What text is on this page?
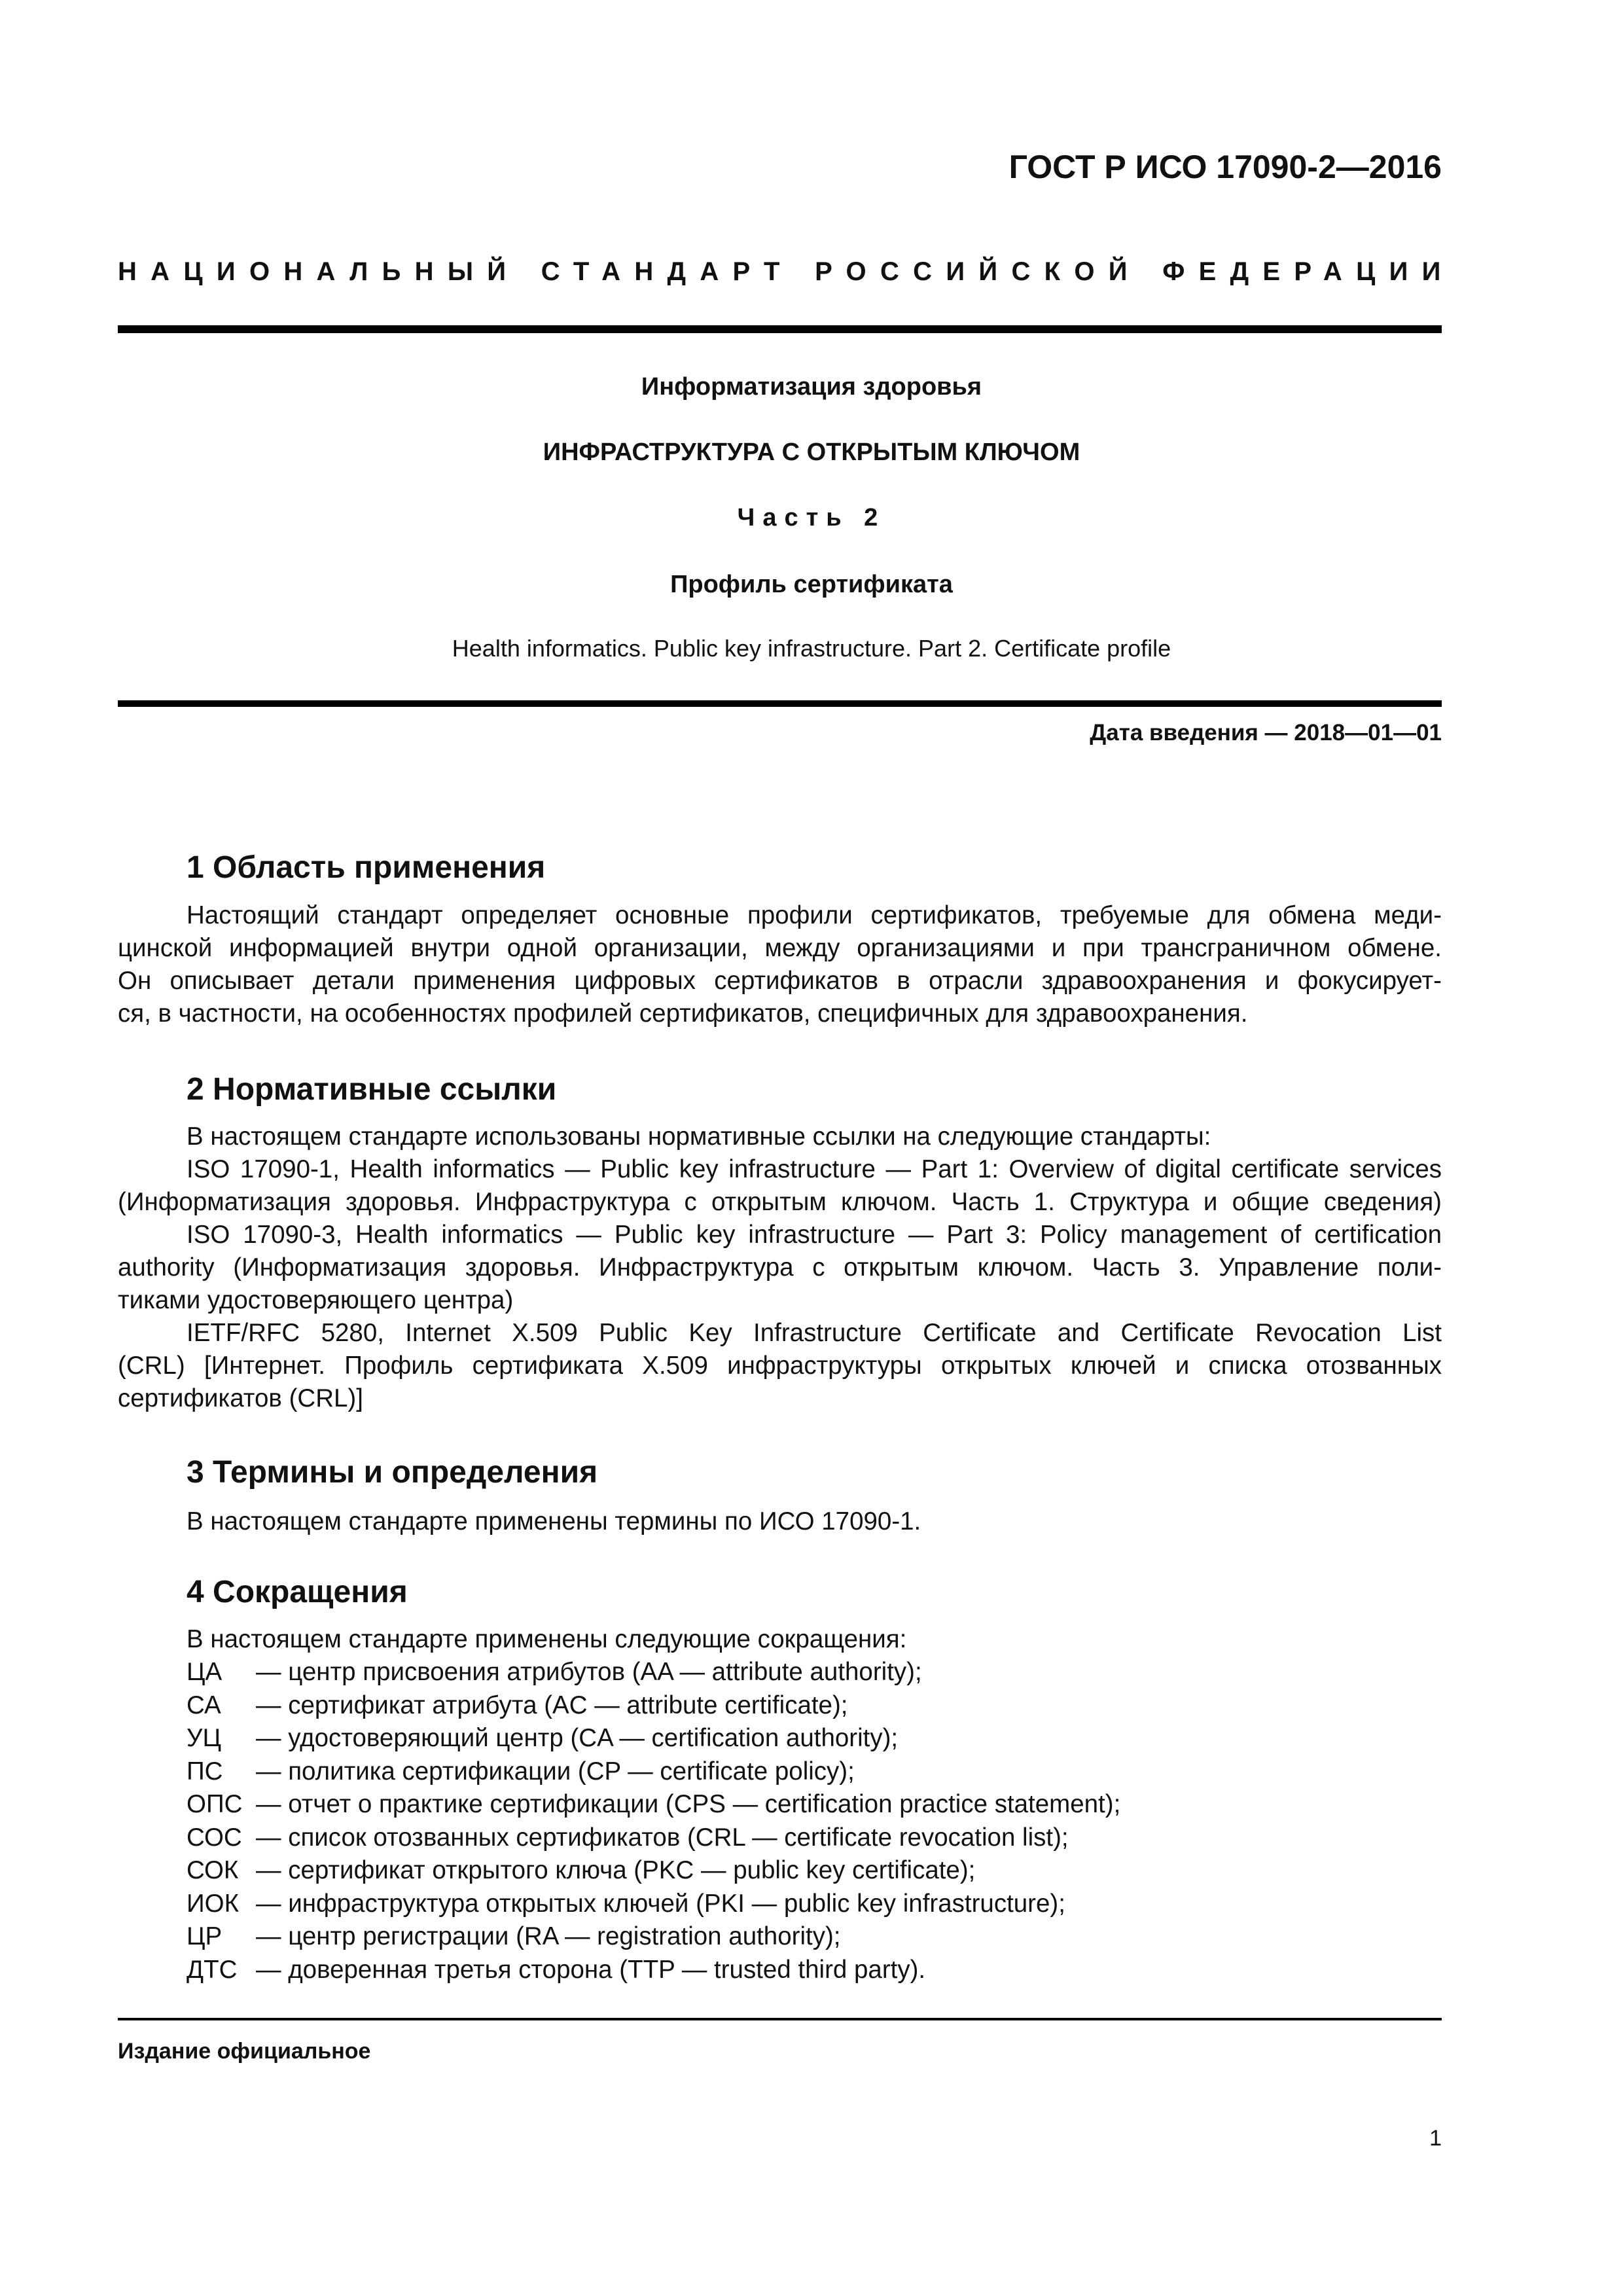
ГОСТ Р ИСО 17090-2—2016
НАЦИОНАЛЬНЫЙ СТАНДАРТ РОССИЙСКОЙ ФЕДЕРАЦИИ
Информатизация здоровья
ИНФРАСТРУКТУРА С ОТКРЫТЫМ КЛЮЧОМ
Часть 2
Профиль сертификата
Health informatics. Public key infrastructure. Part 2. Certificate profile
Дата введения — 2018—01—01
1 Область применения
Настоящий стандарт определяет основные профили сертификатов, требуемые для обмена меди-
цинской информацией внутри одной организации, между организациями и при трансграничном обмене.
Он описывает детали применения цифровых сертификатов в отрасли здравоохранения и фокусирует-
ся, в частности, на особенностях профилей сертификатов, специфичных для здравоохранения.
2 Нормативные ссылки
В настоящем стандарте использованы нормативные ссылки на следующие стандарты:
ISO 17090-1, Health informatics — Public key infrastructure — Part 1: Overview of digital certificate services
(Информатизация здоровья. Инфраструктура с открытым ключом. Часть 1. Структура и общие сведения)
ISO 17090-3, Health informatics — Public key infrastructure — Part 3: Policy management of certification
authority (Информатизация здоровья. Инфраструктура с открытым ключом. Часть 3. Управление поли-
тиками удостоверяющего центра)
IETF/RFC 5280, Internet X.509 Public Key Infrastructure Certificate and Certificate Revocation List
(CRL) [Интернет. Профиль сертификата X.509 инфраструктуры открытых ключей и списка отозванных
сертификатов (CRL)]
3 Термины и определения
В настоящем стандарте применены термины по ИСО 17090-1.
4 Сокращения
В настоящем стандарте применены следующие сокращения:
ЦА — центр присвоения атрибутов (AA — attribute authority);
СА — сертификат атрибута (AC — attribute certificate);
УЦ — удостоверяющий центр (CA — certification authority);
ПС — политика сертификации (CP — certificate policy);
ОПС — отчет о практике сертификации (CPS — certification practice statement);
СОС — список отозванных сертификатов (CRL — certificate revocation list);
СОК — сертификат открытого ключа (PKC — public key certificate);
ИОК — инфраструктура открытых ключей (PKI — public key infrastructure);
ЦР — центр регистрации (RA — registration authority);
ДТС — доверенная третья сторона (TTP — trusted third party).
Издание официальное
1
